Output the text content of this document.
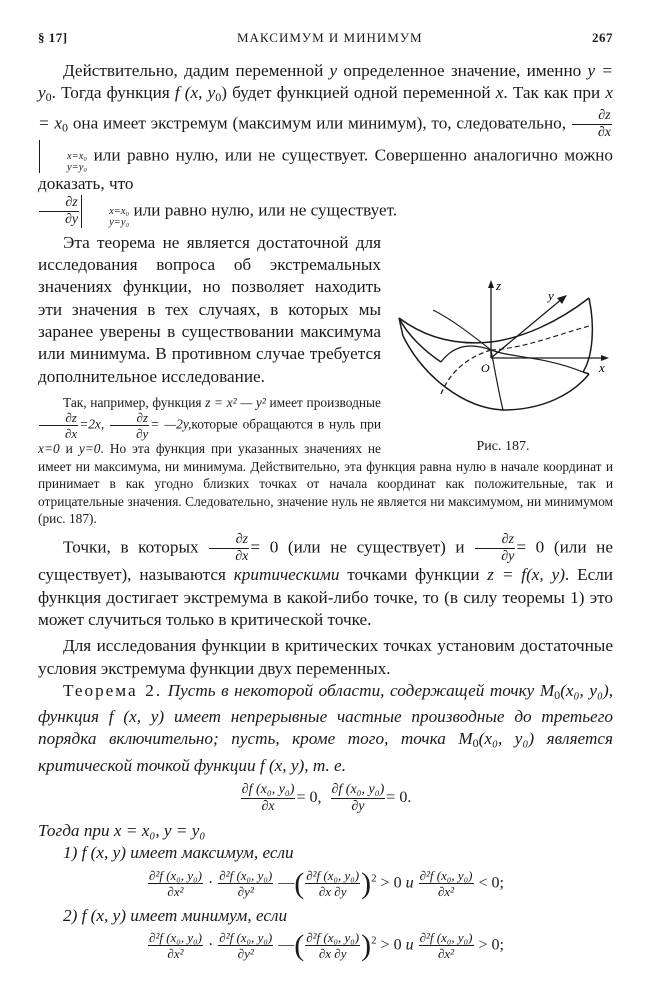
§ 17]	МАКСИМУМ И МИНИМУМ	267

Действительно, дадим переменной y определенное значение, именно $y = y_0$. Тогда функция f (x, $y_0$) будет функцией одной переменной x. Так как при $x = x_0$ она имеет экстремум (максимум или минимум), то, следовательно, $\frac{\partial z}{\partial x}$

x=x₀
y=y₀
или равно нулю, или не существует. Совершенно аналогично можно доказать, что

$\frac{\partial z}{\partial y}$
	x=x₀
y=y₀
или равно нулю, или не существует.

z
y
x
O
Рис. 187.

Эта теорема не является достаточной для исследования вопроса об экстремальных значениях функции, но позволяет находить эти значения в тех случаях, в которых мы заранее уверены в существовании максимума или минимума. В противном случае требуется дополнительное исследование.

Так, например, функция z = x² — y² имеет производные
$\frac{\partial z}{\partial x} =2x$, $\frac{\partial z}{\partial y}$ = —2y,которые обращаются в нуль при x=0 и y=0. Но эта функция при указанных значениях не имеет ни максимума, ни минимума. Действительно, эта функция равна нулю в начале координат и принимает в как угодно близких точках от начала координат как положительные, так и отрицательные значения. Следовательно, значение нуль не является ни максимумом, ни минимумом (рис. 187).

Точки, в которых $\frac{\partial z}{\partial x} = 0$ (или не существует) и $\frac{\partial z}{\partial y} = 0$ (или не существует), называются критическими точками функции z = f(x, y). Если функция достигает экстремума в какой-либо точке, то (в силу теоремы 1) это может случиться только в критической точке.

Для исследования функции в критических точках установим достаточные условия экстремума функции двух переменных.

Теорема 2. Пусть в некоторой области, содержащей точку $M_0(x_0$, y₀), функция f (x, y) имеет непрерывные частные производные до третьего порядка включительно; пусть, кроме того, точка $M_0(x_0$, y₀) является критической точкой функции f (x, y), т. е.

$\frac{\text{∂f (x₀, y₀)}}{\partial x} = 0$, $\frac{\text{∂f (x₀, y₀)}}{\partial y} = 0$.

Тогда при x = x₀, y = y₀

1) f (x, y) имеет максимум, если

$\frac{\text{∂²f (x₀, y₀)}}{\text{∂x²}} \cdot \frac{\text{∂²f (x₀, y₀)}}{\text{∂y²}}$ —( $\frac{\text{∂²f (x₀, y₀)}}{\partial x \partial y} )^2 > 0$ и $\frac{\text{∂²f (x₀, y₀)}}{\text{∂x²}} < 0$;

2) f (x, y) имеет минимум, если

$\frac{\text{∂²f (x₀, y₀)}}{\text{∂x²}} \cdot \frac{\text{∂²f (x₀, y₀)}}{\text{∂y²}}$ —( $\frac{\text{∂²f (x₀, y₀)}}{\partial x \partial y} )^2 > 0$ и $\frac{\text{∂²f (x₀, y₀)}}{\text{∂x²}} > 0$;
